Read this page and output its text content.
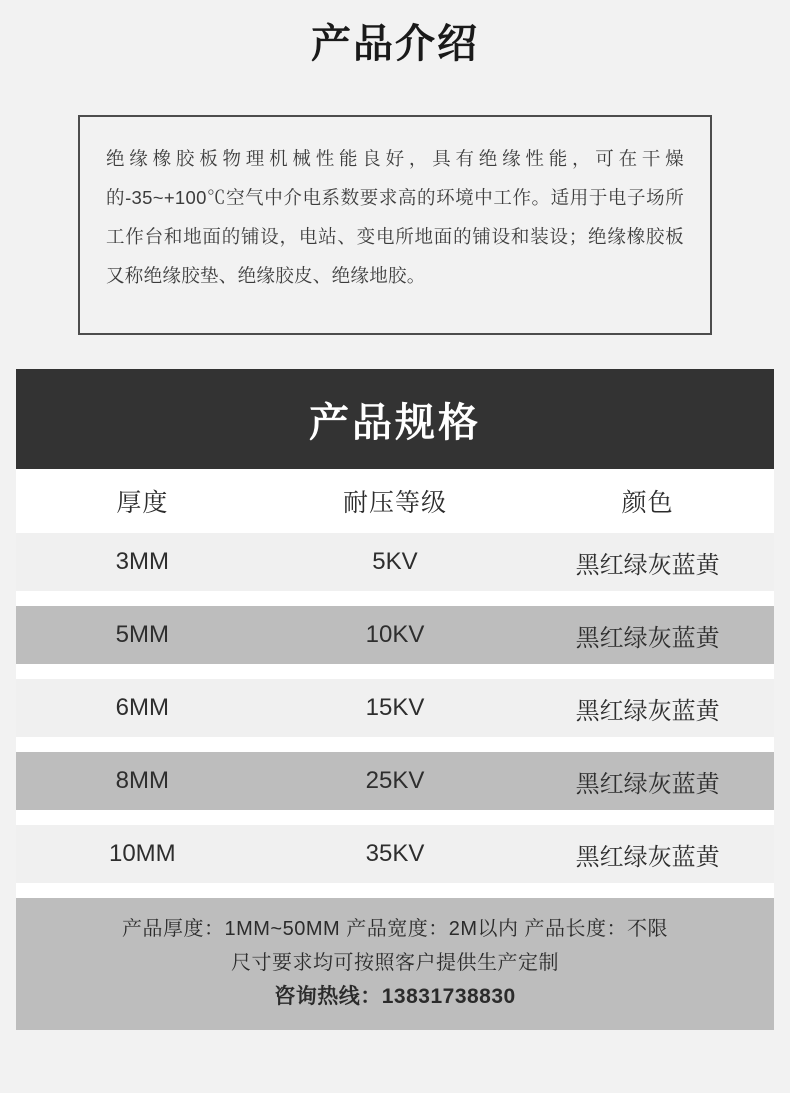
产品介绍
绝缘橡胶板物理机械性能良好，具有绝缘性能，可在干燥的-35~+100℃空气中介电系数要求高的环境中工作。适用于电子场所工作台和地面的铺设，电站、变电所地面的铺设和装设；绝缘橡胶板又称绝缘胶垫、绝缘胶皮、绝缘地胶。
产品规格
厚度	耐压等级	颜色
3MM	5KV	黑红绿灰蓝黄

5MM	10KV	黑红绿灰蓝黄

6MM	15KV	黑红绿灰蓝黄

8MM	25KV	黑红绿灰蓝黄

10MM	35KV	黑红绿灰蓝黄

产品厚度：1MM~50MM 产品宽度：2M以内 产品长度：不限
尺寸要求均可按照客户提供生产定制
咨询热线：13831738830
